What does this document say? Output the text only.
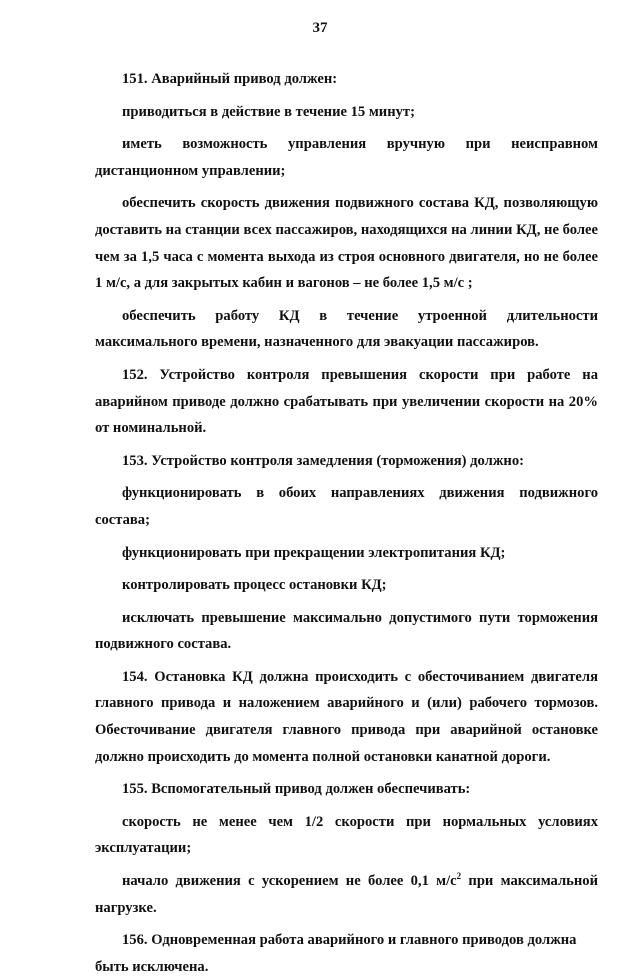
37

151. Аварийный привод должен:

приводиться в действие в течение 15 минут;

иметь возможность управления вручную при неисправном дистанционном управлении;

обеспечить скорость движения подвижного состава КД, позволяющую доставить на станции всех пассажиров, находящихся на линии КД, не более чем за 1,5 часа с момента выхода из строя основного двигателя, но не более 1 м/с, а для закрытых кабин и вагонов – не более 1,5 м/с ;

обеспечить работу КД в течение утроенной длительности максимального времени, назначенного для эвакуации пассажиров.

152. Устройство контроля превышения скорости при работе на аварийном приводе должно срабатывать при увеличении скорости на 20% от номинальной.

153. Устройство контроля замедления (торможения) должно:

функционировать в обоих направлениях движения подвижного состава;

функционировать при прекращении электропитания КД;

контролировать процесс остановки КД;

исключать превышение максимально допустимого пути торможения подвижного состава.

154. Остановка КД должна происходить с обесточиванием двигателя главного привода и наложением аварийного и (или) рабочего тормозов. Обесточивание двигателя главного привода при аварийной остановке должно происходить до момента полной остановки канатной дороги.

155. Вспомогательный привод должен обеспечивать:

скорость не менее чем 1/2 скорости при нормальных условиях эксплуатации;

начало движения с ускорением не более 0,1 $м/с^2$ при максимальной нагрузке.

156. Одновременная работа аварийного и главного приводов должна быть исключена.
